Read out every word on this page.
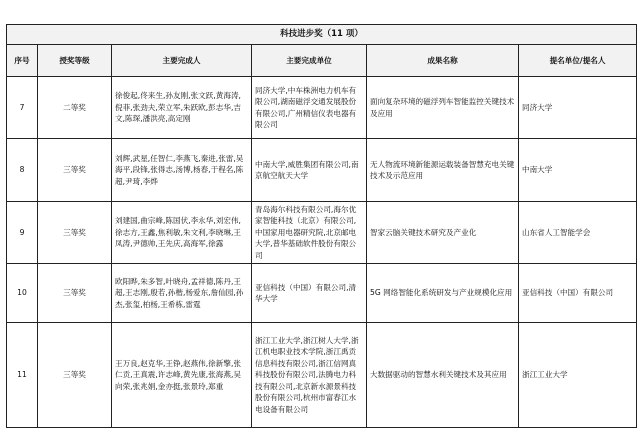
科技进步奖（11 项）					
序号	授奖等级	主要完成人	主要完成单位	成果名称	提名单位/提名人
7	二等奖	徐俊起,佟来生,孙友刚,张文跃,黄海涛,倪菲,张劲夫,荣立军,朱跃欧,彭志华,吉文,陈琛,潘洪亮,高定刚	同济大学,中车株洲电力机车有限公司,湖南磁浮交通发展股份有限公司,广州精信仪表电器有限公司	面向复杂环境的磁浮列车智能监控关键技术及应用	同济大学
8	三等奖	刘辉,武星,任智仁,李燕飞,秦进,张雷,吴海平,段锋,张得志,汤博,杨春,于程名,陈超,尹琦,李烨	中南大学,威胜集团有限公司,南京航空航天大学	无人物流环境新能源运载装备智慧充电关键技术及示范应用	中南大学
9	三等奖	刘建国,曲宗峰,陈国伏,李永华,刘宏伟,徐志方,王鑫,焦利敏,朱文利,李晓琳,王凤涛,尹德帅,王先庆,高海军,徐露	青岛海尔科技有限公司,海尔优家智能科技（北京）有限公司,中国家用电器研究院,北京邮电大学,普华基础软件股份有限公司	智家云脑关键技术研究及产业化	山东省人工智能学会
10	三等奖	欧阳晔,朱多智,叶晓舟,孟祥德,陈丹,王超,王志刚,殷若,孙楷,杨爱东,詹仙园,孙杰,张玺,柏杨,王希栋,雷霆	亚信科技（中国）有限公司,清华大学	5G 网络智能化系统研发与产业规模化应用	亚信科技（中国）有限公司
11	三等奖	王万良,赵克华,王铮,赵燕伟,徐新擎,张仁贡,王真震,许志峰,黄先康,张海燕,吴向荣,张兆娟,金亦挺,张景玲,郑重	浙江工业大学,浙江树人大学,浙江机电职业技术学院,浙江禹贡信息科技有限公司,浙江信网真科技股份有限公司,法腾电力科技有限公司,北京新水源景科技股份有限公司,杭州市富春江水电设备有限公司	大数据驱动的智慧水利关键技术及其应用	浙江工业大学
